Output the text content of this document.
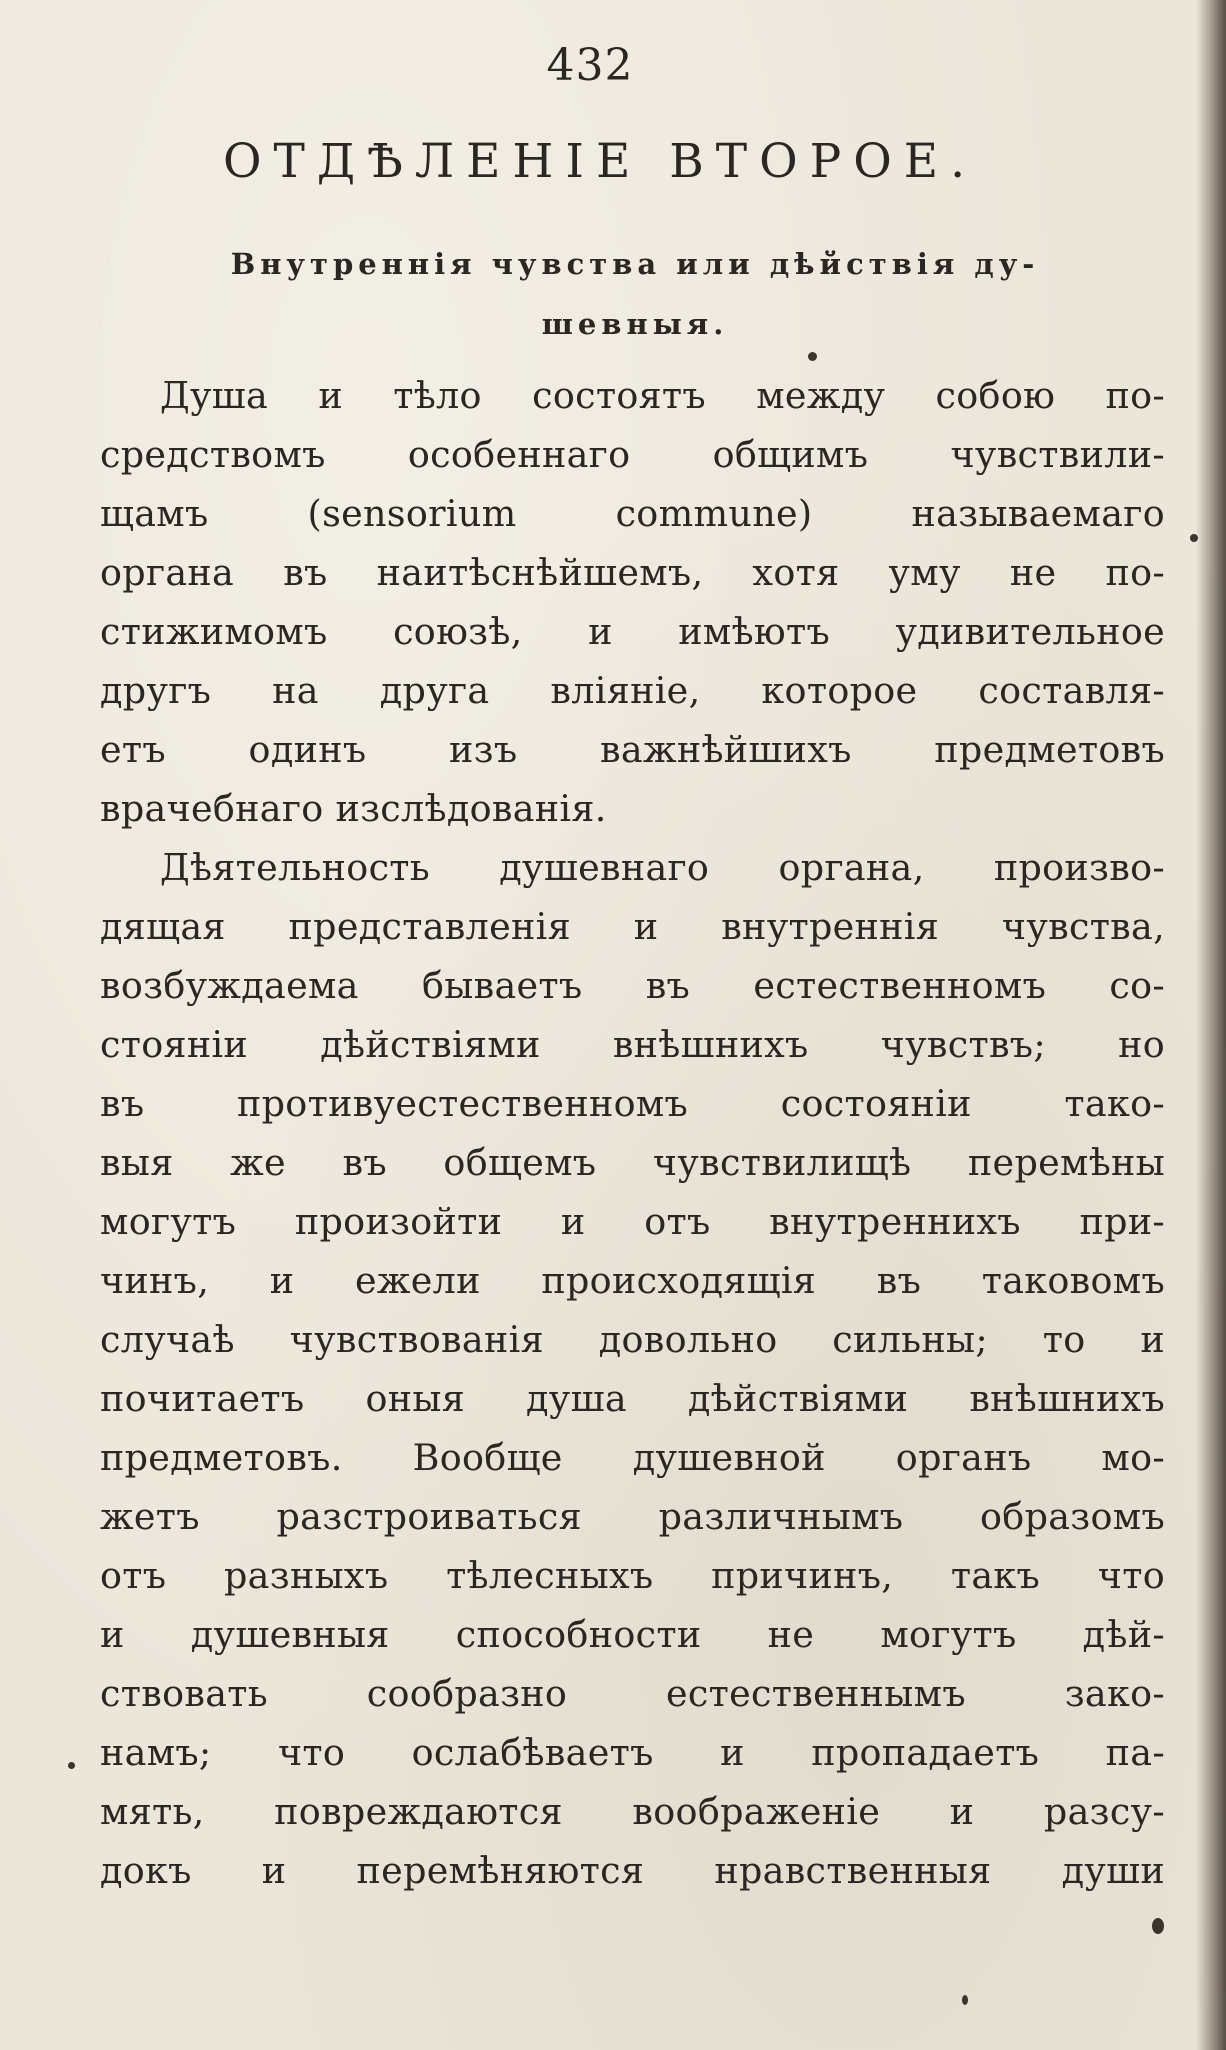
432
ОТДѢЛЕНІЕ ВТОРОЕ.
Внутреннія чувства или дѣйствія ду-
шевныя.
Душа и тѣло состоятъ между собою по-
средствомъ особеннаго общимъ чувствили-
щамъ (sensorium commune) называемаго
органа въ наитѣснѣйшемъ, хотя уму не по-
стижимомъ союзѣ, и имѣютъ удивительное
другъ на друга вліяніе, которое составля-
етъ одинъ изъ важнѣйшихъ предметовъ
врачебнаго изслѣдованія.
Дѣятельность душевнаго органа, произво-
дящая представленія и внутреннія чувства,
возбуждаема бываетъ въ естественномъ со-
стояніи дѣйствіями внѣшнихъ чувствъ; но
въ противуестественномъ состояніи тако-
выя же въ общемъ чувствилищѣ перемѣны
могутъ произойти и отъ внутреннихъ при-
чинъ, и ежели происходящія въ таковомъ
случаѣ чувствованія довольно сильны; то и
почитаетъ оныя душа дѣйствіями внѣшнихъ
предметовъ. Вообще душевной органъ мо-
жетъ разстроиваться различнымъ образомъ
отъ разныхъ тѣлесныхъ причинъ, такъ что
и душевныя способности не могутъ дѣй-
ствовать сообразно естественнымъ зако-
намъ; что ослабѣваетъ и пропадаетъ па-
мять, повреждаются воображеніе и разсу-
докъ и перемѣняются нравственныя души
